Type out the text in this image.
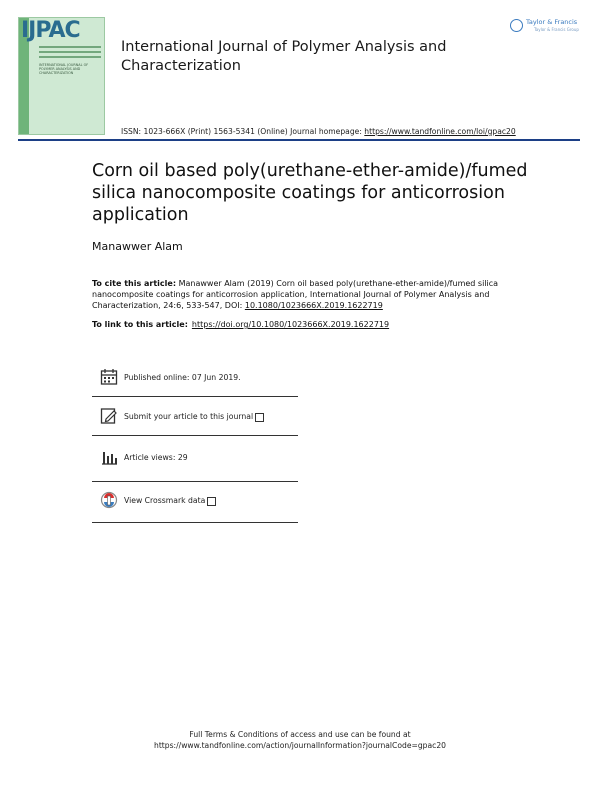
IJPAC
INTERNATIONAL JOURNAL OF POLYMER ANALYSIS AND CHARACTERIZATION
Taylor & Francis
Taylor & Francis Group
International Journal of Polymer Analysis and Characterization
ISSN: 1023-666X (Print) 1563-5341 (Online) Journal homepage: https://www.tandfonline.com/loi/gpac20
Corn oil based poly(urethane-ether-amide)/fumed silica nanocomposite coatings for anticorrosion application
Manawwer Alam
To cite this article: Manawwer Alam (2019) Corn oil based poly(urethane-ether-amide)/fumed silica nanocomposite coatings for anticorrosion application, International Journal of Polymer Analysis and Characterization, 24:6, 533-547, DOI: 10.1080/1023666X.2019.1622719
To link to this article: https://doi.org/10.1080/1023666X.2019.1622719
Published online: 07 Jun 2019.
Submit your article to this journal
Article views: 29
View Crossmark data
Full Terms & Conditions of access and use can be found at
https://www.tandfonline.com/action/journalInformation?journalCode=gpac20
